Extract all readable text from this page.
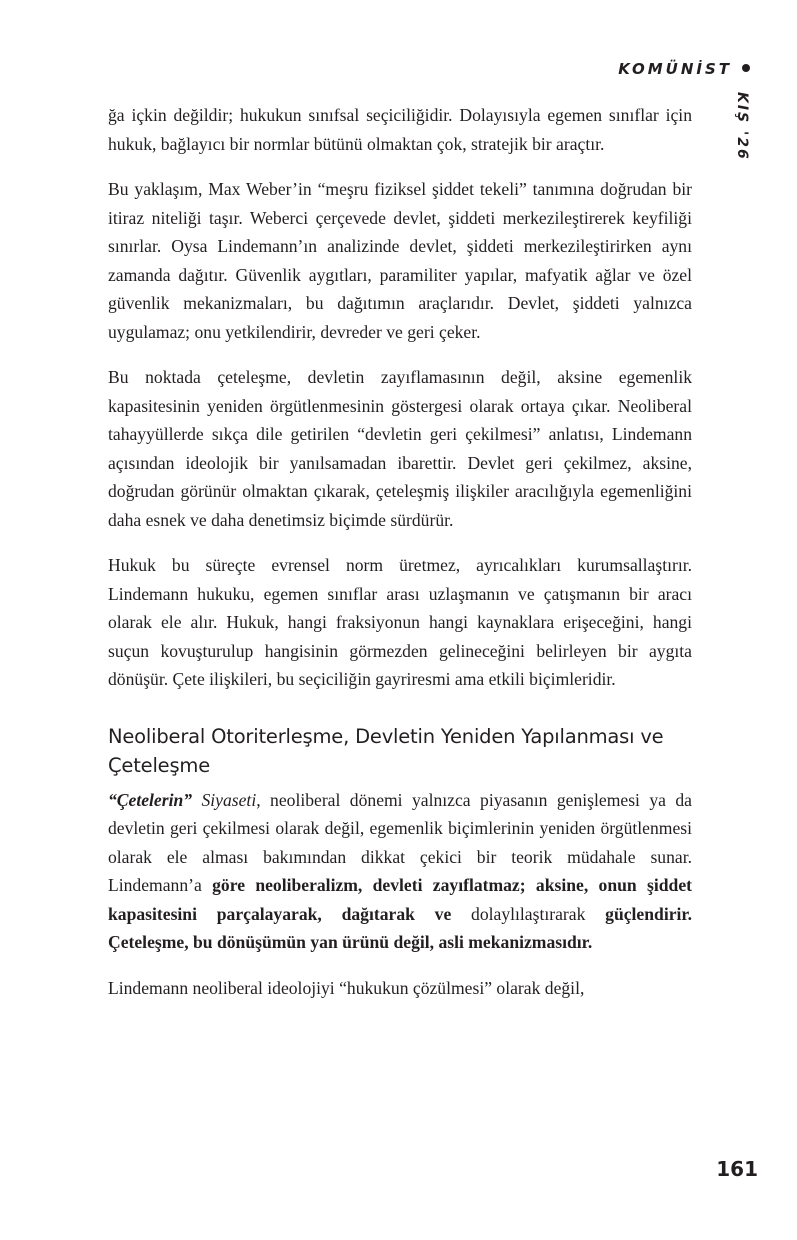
KOMÜNİST
KIŞ '26

ğa içkin değildir; hukukun sınıfsal seçiciliğidir. Dolayısıyla egemen sınıflar için hukuk, bağlayıcı bir normlar bütünü olmaktan çok, stratejik bir araçtır.

Bu yaklaşım, Max Weber’in “meşru fiziksel şiddet tekeli” tanımına doğrudan bir itiraz niteliği taşır. Weberci çerçevede devlet, şiddeti merkezileştirerek keyfiliği sınırlar. Oysa Lindemann’ın analizinde devlet, şiddeti merkezileştirirken aynı zamanda dağıtır. Güvenlik aygıtları, paramiliter yapılar, mafyatik ağlar ve özel güvenlik mekanizmaları, bu dağıtımın araçlarıdır. Devlet, şiddeti yalnızca uygulamaz; onu yetkilendirir, devreder ve geri çeker.

Bu noktada çeteleşme, devletin zayıflamasının değil, aksine egemenlik kapasitesinin yeniden örgütlenmesinin göstergesi olarak ortaya çıkar. Neoliberal tahayyüllerde sıkça dile getirilen “devletin geri çekilmesi” anlatısı, Lindemann açısından ideolojik bir yanılsamadan ibarettir. Devlet geri çekilmez, aksine, doğrudan görünür olmaktan çıkarak, çeteleşmiş ilişkiler aracılığıyla egemenliğini daha esnek ve daha denetimsiz biçimde sürdürür.

Hukuk bu süreçte evrensel norm üretmez, ayrıcalıkları kurumsallaştırır. Lindemann hukuku, egemen sınıflar arası uzlaşmanın ve çatışmanın bir aracı olarak ele alır. Hukuk, hangi fraksiyonun hangi kaynaklara erişeceğini, hangi suçun kovuşturulup hangisinin görmezden gelineceğini belirleyen bir aygıta dönüşür. Çete ilişkileri, bu seçiciliğin gayriresmi ama etkili biçimleridir.

Neoliberal Otoriterleşme, Devletin Yeniden Yapılanması ve Çeteleşme

“Çetelerin” Siyaseti, neoliberal dönemi yalnızca piyasanın genişlemesi ya da devletin geri çekilmesi olarak değil, egemenlik biçimlerinin yeniden örgütlenmesi olarak ele alması bakımından dikkat çekici bir teorik müdahale sunar. Lindemann’a göre neoliberalizm, devleti zayıflatmaz; aksine, onun şiddet kapasitesini parçalayarak, dağıtarak ve dolaylılaştırarak güçlendirir. Çeteleşme, bu dönüşümün yan ürünü değil, asli mekanizmasıdır.

Lindemann neoliberal ideolojiyi “hukukun çözülmesi” olarak değil,

161
